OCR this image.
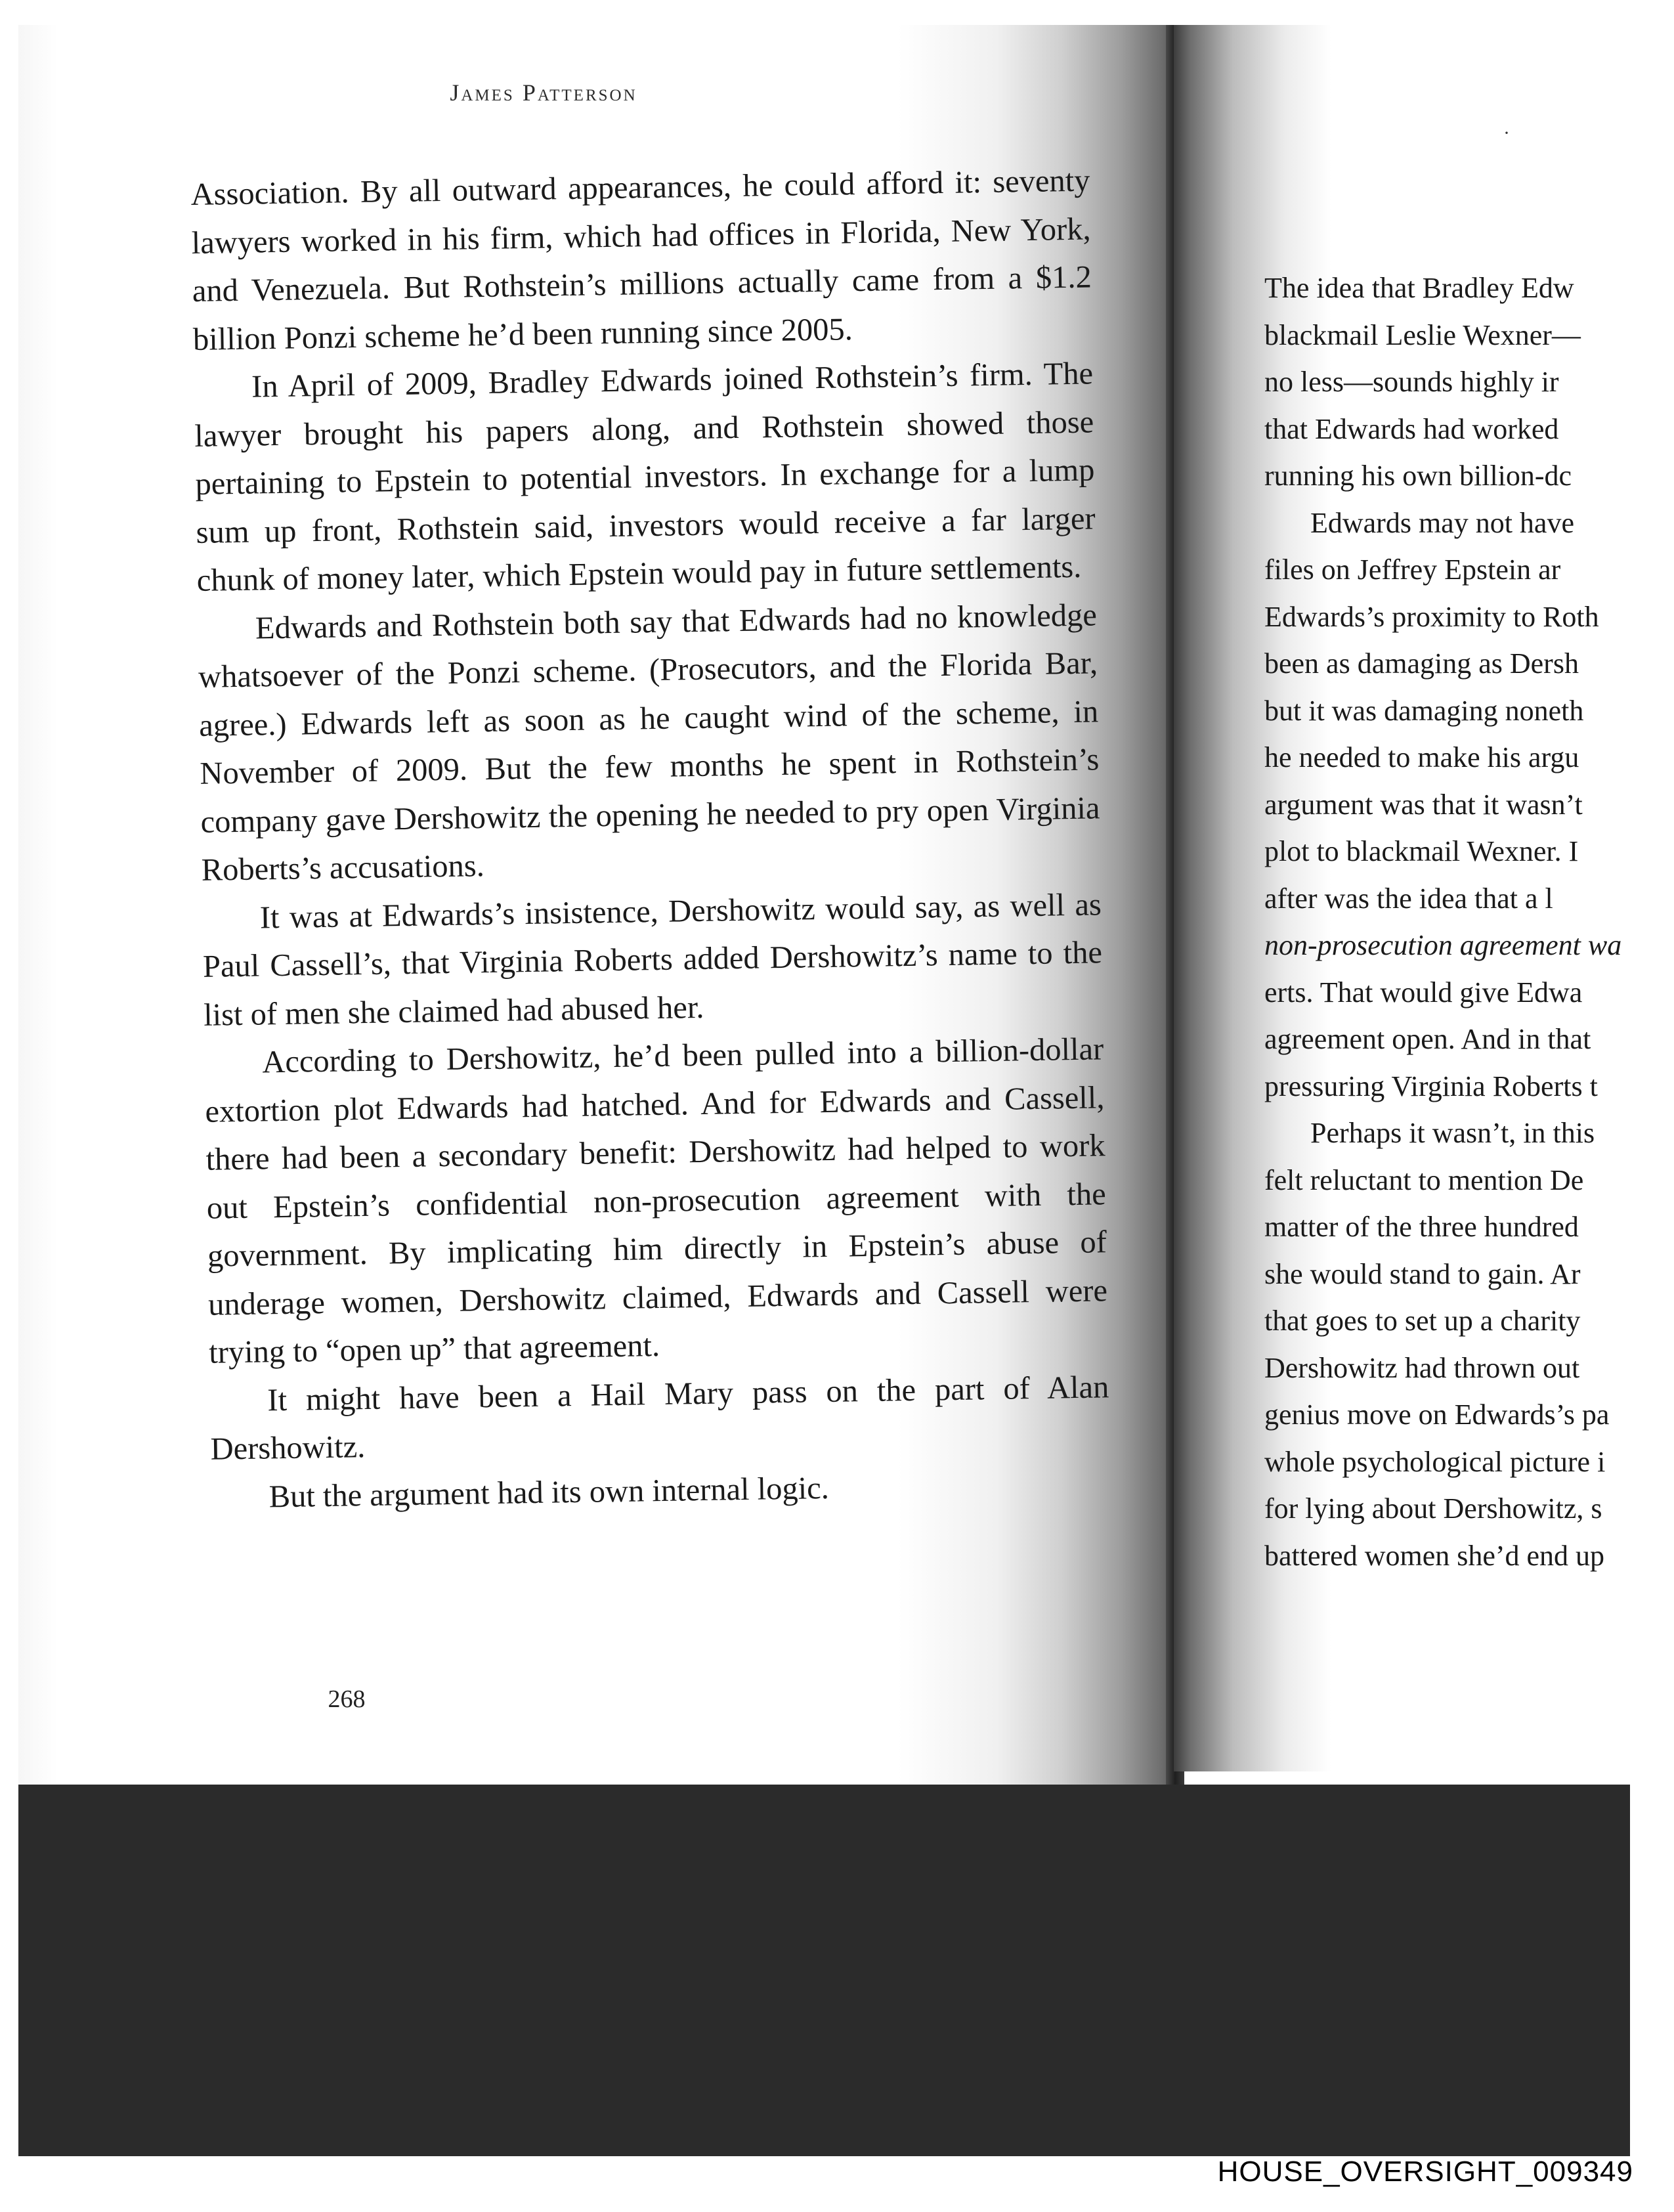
James Patterson

Association. By all outward appearances, he could afford it: seventy lawyers worked in his firm, which had offices in Florida, New York, and Venezuela. But Rothstein’s millions actually came from a $1.2 billion Ponzi scheme he’d been running since 2005.

In April of 2009, Bradley Edwards joined Rothstein’s firm. The lawyer brought his papers along, and Rothstein showed those pertaining to Epstein to potential investors. In exchange for a lump sum up front, Rothstein said, investors would receive a far larger chunk of money later, which Epstein would pay in future settlements.

Edwards and Rothstein both say that Edwards had no knowledge whatsoever of the Ponzi scheme. (Prosecutors, and the Florida Bar, agree.) Edwards left as soon as he caught wind of the scheme, in November of 2009. But the few months he spent in Rothstein’s company gave Dershowitz the opening he needed to pry open Virginia Roberts’s accusations.

It was at Edwards’s insistence, Dershowitz would say, as well as Paul Cassell’s, that Virginia Roberts added Dershowitz’s name to the list of men she claimed had abused her.

According to Dershowitz, he’d been pulled into a billion-dollar extortion plot Edwards had hatched. And for Edwards and Cassell, there had been a secondary benefit: Dershowitz had helped to work out Epstein’s confidential non-prosecution agreement with the government. By implicating him directly in Epstein’s abuse of underage women, Dershowitz claimed, Edwards and Cassell were trying to “open up” that agreement.

It might have been a Hail Mary pass on the part of Alan Dershowitz.

But the argument had its own internal logic.

268
·
The idea that Bradley Edw
blackmail Leslie Wexner—
no less—sounds highly ir
that Edwards had worked
running his own billion-dc
Edwards may not have
files on Jeffrey Epstein ar
Edwards’s proximity to Roth
been as damaging as Dersh
but it was damaging noneth
he needed to make his argu
argument was that it wasn’t
plot to blackmail Wexner. I
after was the idea that a l
non-prosecution agreement wa
erts. That would give Edwa
agreement open. And in that
pressuring Virginia Roberts t
Perhaps it wasn’t, in this
felt reluctant to mention De
matter of the three hundred
she would stand to gain. Ar
that goes to set up a charity
Dershowitz had thrown out
genius move on Edwards’s pa
whole psychological picture i
for lying about Dershowitz, s
battered women she’d end up
HOUSE_OVERSIGHT_009349
